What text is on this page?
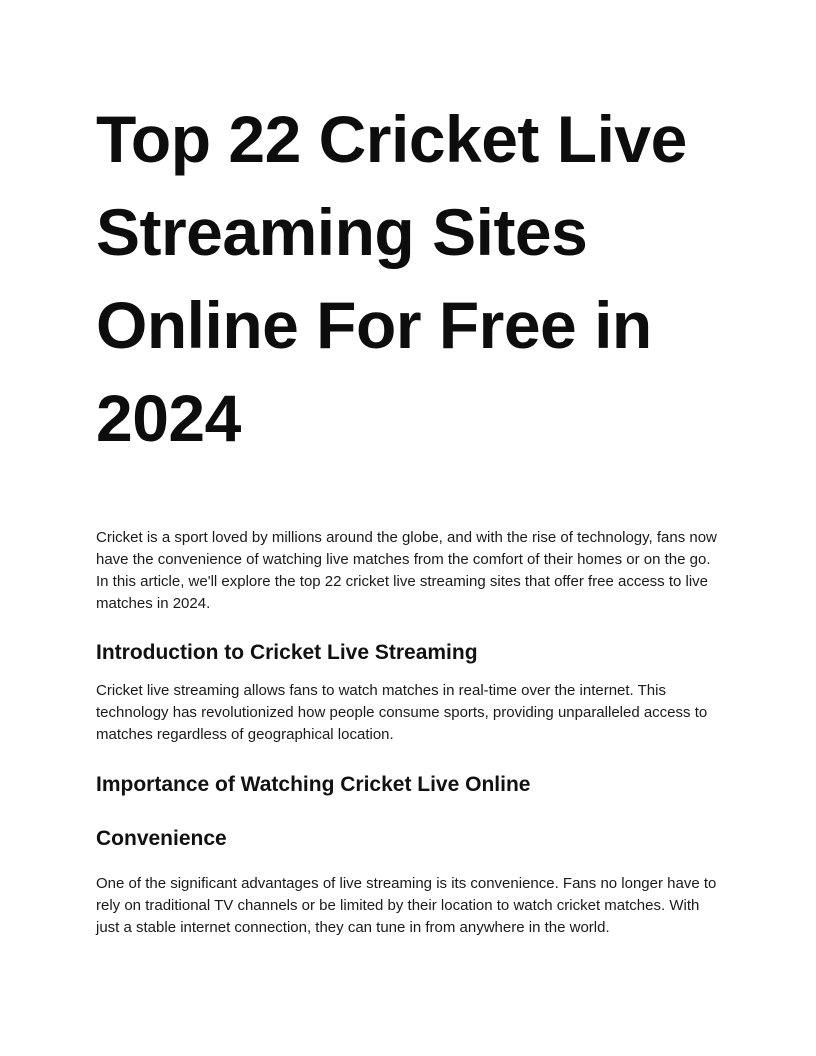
Top 22 Cricket Live Streaming Sites Online For Free in 2024

Cricket is a sport loved by millions around the globe, and with the rise of technology, fans now have the convenience of watching live matches from the comfort of their homes or on the go. In this article, we'll explore the top 22 cricket live streaming sites that offer free access to live matches in 2024.

Introduction to Cricket Live Streaming

Cricket live streaming allows fans to watch matches in real-time over the internet. This technology has revolutionized how people consume sports, providing unparalleled access to matches regardless of geographical location.

Importance of Watching Cricket Live Online
Convenience

One of the significant advantages of live streaming is its convenience. Fans no longer have to rely on traditional TV channels or be limited by their location to watch cricket matches. With just a stable internet connection, they can tune in from anywhere in the world.
